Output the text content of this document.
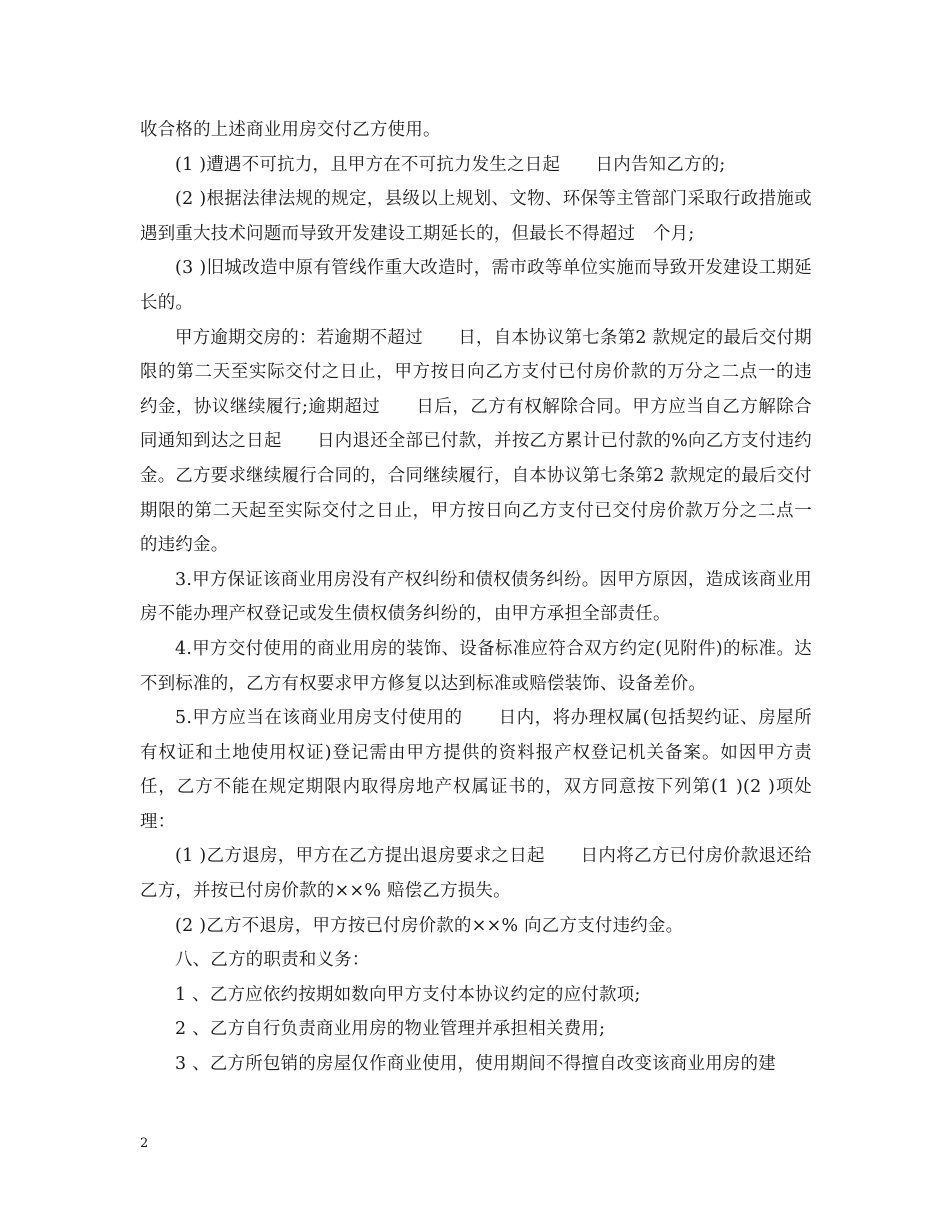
收合格的上述商业用房交付乙方使用。

(1 )遭遇不可抗力，且甲方在不可抗力发生之日起　　日内告知乙方的;

(2 )根据法律法规的规定，县级以上规划、文物、环保等主管部门采取行政措施或遇到重大技术问题而导致开发建设工期延长的，但最长不得超过　个月;

(3 )旧城改造中原有管线作重大改造时，需市政等单位实施而导致开发建设工期延长的。

甲方逾期交房的：若逾期不超过　　日，自本协议第七条第2 款规定的最后交付期限的第二天至实际交付之日止，甲方按日向乙方支付已付房价款的万分之二点一的违约金，协议继续履行;逾期超过　　日后，乙方有权解除合同。甲方应当自乙方解除合同通知到达之日起　　日内退还全部已付款，并按乙方累计已付款的%向乙方支付违约金。乙方要求继续履行合同的，合同继续履行，自本协议第七条第2 款规定的最后交付期限的第二天起至实际交付之日止，甲方按日向乙方支付已交付房价款万分之二点一的违约金。

3.甲方保证该商业用房没有产权纠纷和债权债务纠纷。因甲方原因，造成该商业用房不能办理产权登记或发生债权债务纠纷的，由甲方承担全部责任。

4.甲方交付使用的商业用房的装饰、设备标准应符合双方约定(见附件)的标准。达不到标准的，乙方有权要求甲方修复以达到标准或赔偿装饰、设备差价。

5.甲方应当在该商业用房支付使用的　　日内，将办理权属(包括契约证、房屋所有权证和土地使用权证)登记需由甲方提供的资料报产权登记机关备案。如因甲方责任，乙方不能在规定期限内取得房地产权属证书的，双方同意按下列第(1 )(2 )项处理：

(1 )乙方退房，甲方在乙方提出退房要求之日起　　日内将乙方已付房价款退还给乙方，并按已付房价款的××% 赔偿乙方损失。

(2 )乙方不退房，甲方按已付房价款的××% 向乙方支付违约金。

八、乙方的职责和义务：

1 、乙方应依约按期如数向甲方支付本协议约定的应付款项;

2 、乙方自行负责商业用房的物业管理并承担相关费用;

3 、乙方所包销的房屋仅作商业使用，使用期间不得擅自改变该商业用房的建

2
